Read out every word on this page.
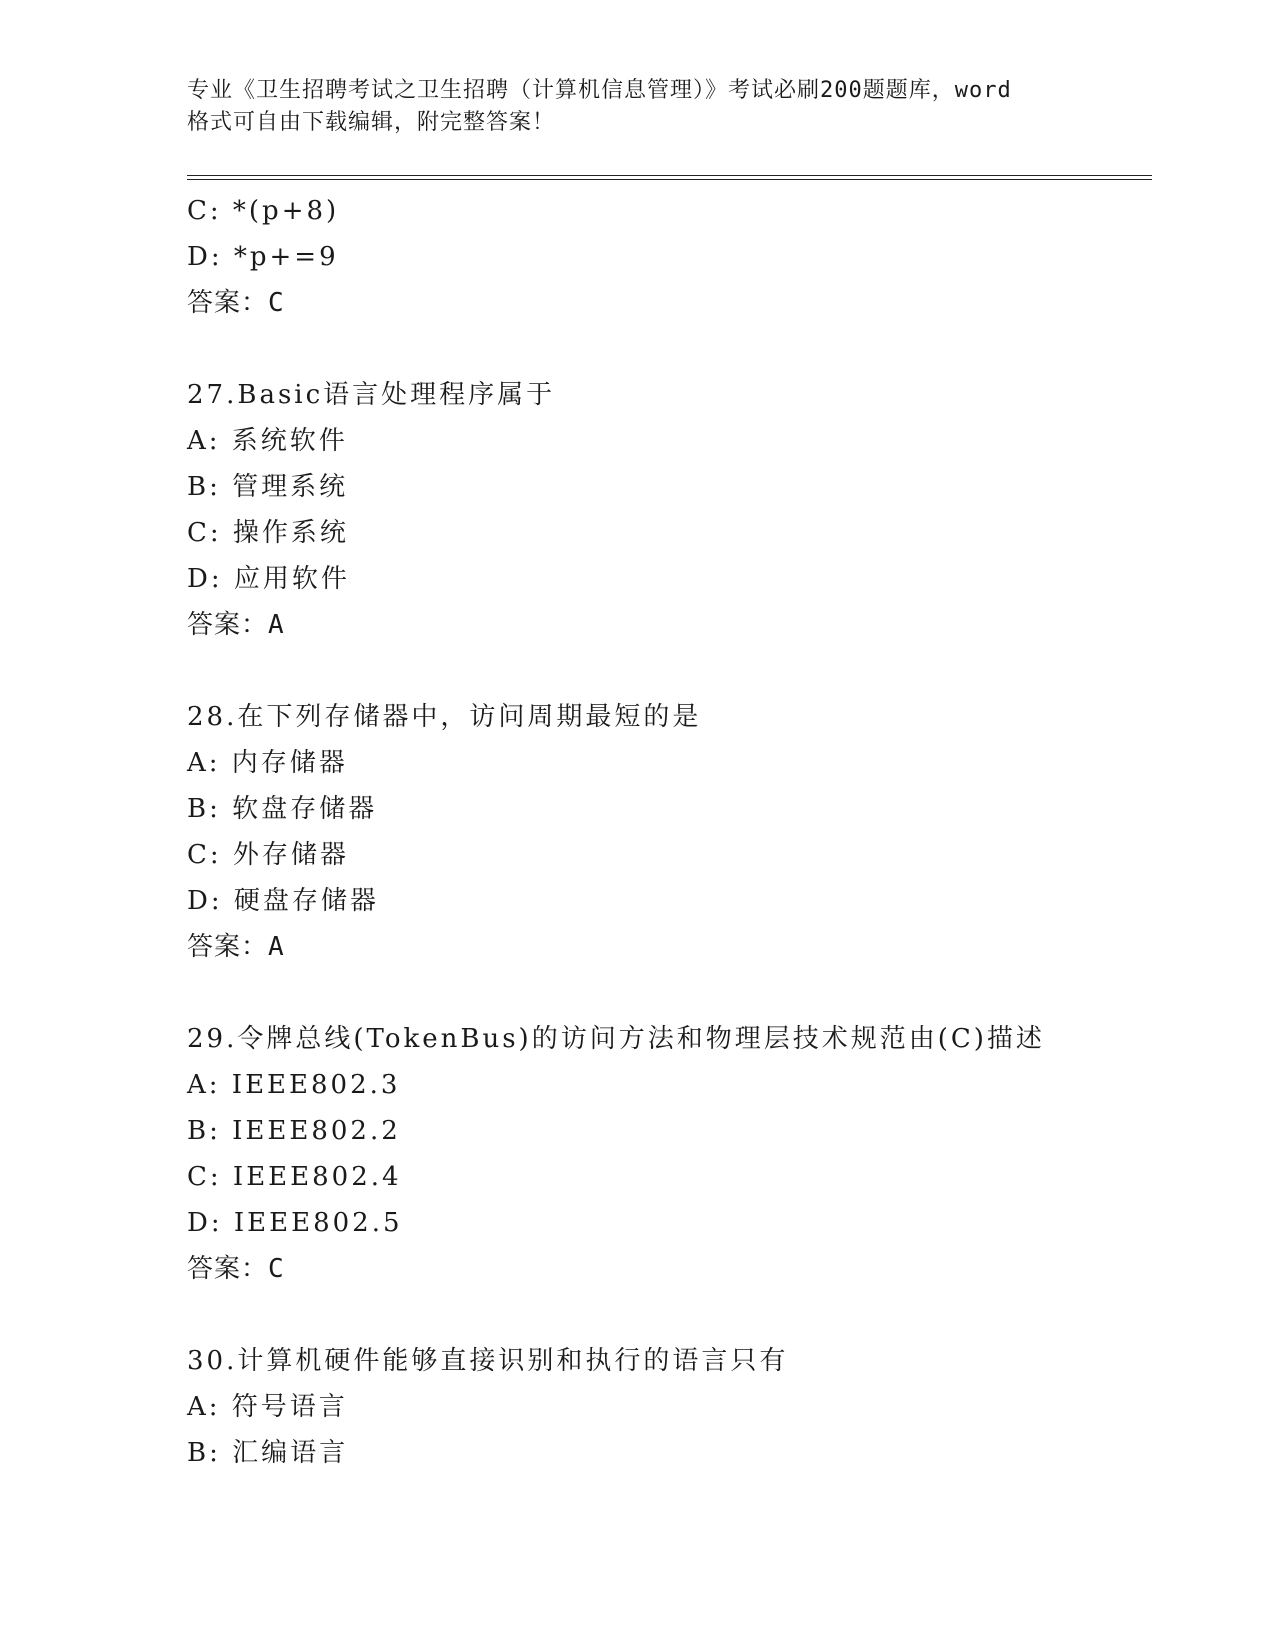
专业《卫生招聘考试之卫生招聘（计算机信息管理）》考试必刷200题题库，word
格式可自由下载编辑，附完整答案！
C: *(p+8)
D: *p+=9
答案：C
27.Basic语言处理程序属于
A: 系统软件
B: 管理系统
C: 操作系统
D: 应用软件
答案：A
28.在下列存储器中，访问周期最短的是
A: 内存储器
B: 软盘存储器
C: 外存储器
D: 硬盘存储器
答案：A
29.令牌总线(TokenBus)的访问方法和物理层技术规范由(C)描述
A: IEEE802.3
B: IEEE802.2
C: IEEE802.4
D: IEEE802.5
答案：C
30.计算机硬件能够直接识别和执行的语言只有
A: 符号语言
B: 汇编语言
